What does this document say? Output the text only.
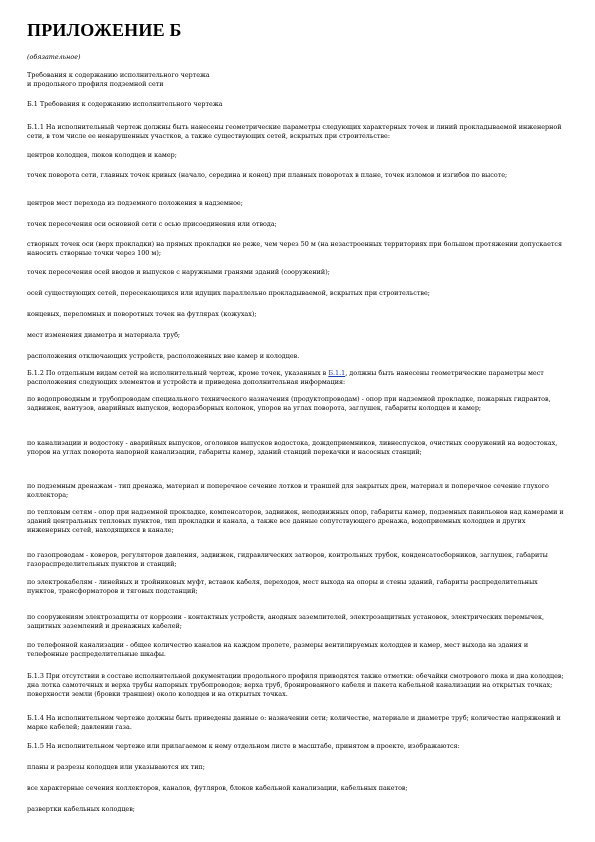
ПРИЛОЖЕНИЕ Б

(обязательное)

Требования к содержанию исполнительного чертежа

и продольного профиля подземной сети

Б.1 Требования к содержанию исполнительного чертежа

Б.1.1 На исполнительный чертеж должны быть нанесены геометрические параметры следующих характерных точек и линий прокладываемой инженерной сети, в том числе ее ненарушенных участков, а также существующих сетей, вскрытых при строительстве:

центров колодцев, люков колодцев и камер;

точек поворота сети, главных точек кривых (начало, середина и конец) при плавных поворотах в плане, точек изломов и изгибов по высоте;

центров мест перехода из подземного положения в надземное;

точек пересечения оси основной сети с осью присоединения или отвода;

створных точек оси (верх прокладки) на прямых прокладки не реже, чем через 50 м (на незастроенных территориях при большом протяжении допускается наносить створные точки через 100 м);

точек пересечения осей вводов и выпусков с наружными гранями зданий (сооружений);

осей существующих сетей, пересекающихся или идущих параллельно прокладываемой, вскрытых при строительстве;

концевых, переломных и поворотных точек на футлярах (кожухах);

мест изменения диаметра и материала труб;

расположения отключающих устройств, расположенных вне камер и колодцев.

Б.1.2 По отдельным видам сетей на исполнительный чертеж, кроме точек, указанных в Б.1.1, должны быть нанесены геометрические параметры мест расположения следующих элементов и устройств и приведена дополнительная информация:

по водопроводным и трубопроводам специального технического назначения (продуктопроводам) - опор при надземной прокладке, пожарных гидрантов, задвижек, вантузов, аварийных выпусков, водоразборных колонок, упоров на углах поворота, заглушек, габариты колодцев и камер;

по канализации и водостоку - аварийных выпусков, оголовков выпусков водостока, дождеприемников, ливнеспусков, очистных сооружений на водостоках, упоров на углах поворота напорной канализации, габариты камер, зданий станций перекачки и насосных станций;

по подземным дренажам - тип дренажа, материал и поперечное сечение лотков и траншей для закрытых дрен, материал и поперечное сечение глухого коллектора;

по тепловым сетям - опор при надземной прокладке, компенсаторов, задвижек, неподвижных опор, габариты камер, подземных павильонов над камерами и зданий центральных тепловых пунктов, тип прокладки и канала, а также все данные сопутствующего дренажа, водоприемных колодцев и других инженерных сетей, находящихся в канале;

по газопроводам - коверов, регуляторов давления, задвижек, гидравлических затворов, контрольных трубок, конденсатосборников, заглушек, габариты газораспределительных пунктов и станций;

по электрокабелям - линейных и тройниковых муфт, вставок кабеля, переходов, мест выхода на опоры и стены зданий, габариты распределительных пунктов, трансформаторов и тяговых подстанций;

по сооружениям электрозащиты от коррозии - контактных устройств, анодных заземлителей, электрозащитных установок, электрических перемычек, защитных заземлений и дренажных кабелей;

по телефонной канализации - общее количество каналов на каждом пролете, размеры вентилируемых колодцев и камер, мест выхода на здания и телефонные распределительные шкафы.

Б.1.3 При отсутствии в составе исполнительной документации продольного профиля приводятся также отметки: обечайки смотрового люка и дна колодцев; дна лотка самотечных и верха трубы напорных трубопроводов; верха труб, бронированного кабеля и пакета кабельной канализации на открытых точках; поверхности земли (бровки траншеи) около колодцев и на открытых точках.

Б.1.4 На исполнительном чертеже должны быть приведены данные о: назначении сети; количестве, материале и диаметре труб; количестве напряжений и марке кабелей; давлении газа.

Б.1.5 На исполнительном чертеже или прилагаемом к нему отдельном листе в масштабе, принятом в проекте, изображаются:

планы и разрезы колодцев или указываются их тип;

все характерные сечения коллекторов, каналов, футляров, блоков кабельной канализации, кабельных пакетов;

развертки кабельных колодцев;
